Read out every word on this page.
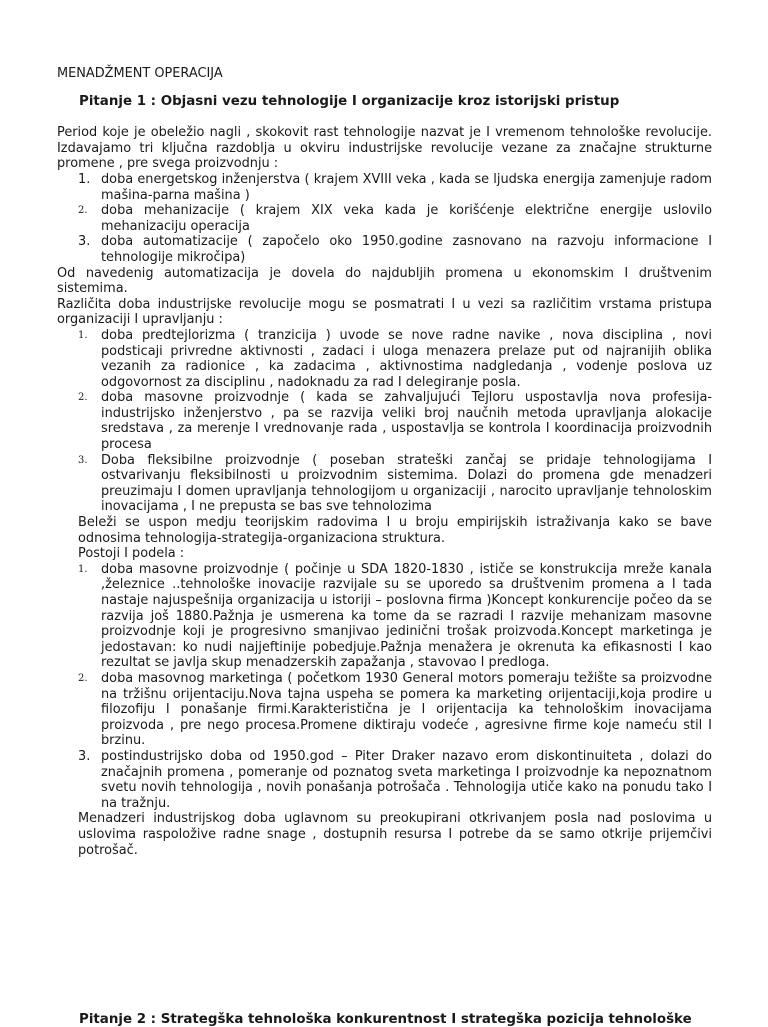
MENADŽMENT OPERACIJA

Pitanje 1 : Objasni vezu tehnologije I organizacije kroz istorijski pristup

Period koje je obeležio nagli , skokovit rast tehnologije nazvat je I vremenom tehnološke revolucije. Izdavajamo tri ključna razdoblja u okviru industrijske revolucije vezane za značajne strukturne promene , pre svega proizvodnju :

1. doba energetskog inženjerstva ( krajem XVIII veka , kada se ljudska energija zamenjuje radom mašina-parna mašina )
2. doba mehanizacije ( krajem XIX veka kada je korišćenje električne energije uslovilo mehanizaciju operacija
3. doba automatizacije ( započelo oko 1950.godine zasnovano na razvoju informacione I tehnologije mikročipa)

Od navedenig automatizacija je dovela do najdubljih promena u ekonomskim I društvenim sistemima.

Različita doba industrijske revolucije mogu se posmatrati I u vezi sa različitim vrstama pristupa organizaciji I upravljanju :

1. doba predtejlorizma ( tranzicija ) uvode se nove radne navike , nova disciplina , novi podsticaji privredne aktivnosti , zadaci i uloga menazera prelaze put od najranijih oblika vezanih za radionice , ka zadacima , aktivnostima nadgledanja , vodenje poslova uz odgovornost za disciplinu , nadoknadu za rad I delegiranje posla.
2. doba masovne proizvodnje ( kada se zahvaljujući Tejloru uspostavlja nova profesija-industrijsko inženjerstvo , pa se razvija veliki broj naučnih metoda upravljanja alokacije sredstava , za merenje I vrednovanje rada , uspostavlja se kontrola I koordinacija proizvodnih procesa
3. Doba fleksibilne proizvodnje ( poseban strateški zančaj se pridaje tehnologijama I ostvarivanju fleksibilnosti u proizvodnim sistemima. Dolazi do promena gde menadzeri preuzimaju I domen upravljanja tehnologijom u organizaciji , narocito upravljanje tehnoloskim inovacijama , I ne prepusta se bas sve tehnolozima

Beleži se uspon medju teorijskim radovima I u broju empirijskih istraživanja kako se bave odnosima tehnologija-strategija-organizaciona struktura.

Postoji I podela :

1. doba masovne proizvodnje ( počinje u SDA 1820-1830 , ističe se konstrukcija mreže kanala ,železnice ..tehnološke inovacije razvijale su se uporedo sa društvenim promena a I tada nastaje najuspešnija organizacija u istoriji – poslovna firma )Koncept konkurencije počeo da se razvija još 1880.Pažnja je usmerena ka tome da se razradi I razvije mehanizam masovne proizvodnje koji je progresivno smanjivao jedinični trošak proizvoda.Koncept marketinga je jedostavan: ko nudi najjeftinije pobedjuje.Pažnja menažera je okrenuta ka efikasnosti I kao rezultat se javlja skup menadzerskih zapažanja , stavovao I predloga.
2. doba masovnog marketinga ( početkom 1930 General motors pomeraju težište sa proizvodne na tržišnu orijentaciju.Nova tajna uspeha se pomera ka marketing orijentaciji,koja prodire u filozofiju I ponašanje firmi.Karakteristična je I orijentacija ka tehnološkim inovacijama proizvoda , pre nego procesa.Promene diktiraju vodeće , agresivne firme koje nameću stil I brzinu.
3. postindustrijsko doba od 1950.god – Piter Draker nazavo erom diskontinuiteta , dolazi do značajnih promena , pomeranje od poznatog sveta marketinga I proizvodnje ka nepoznatnom svetu novih tehnologija , novih ponašanja potrošača . Tehnologija utiče kako na ponudu tako I na tražnju.

Menadzeri industrijskog doba uglavnom su preokupirani otkrivanjem posla nad poslovima u uslovima raspoložive radne snage , dostupnih resursa I potrebe da se samo otkrije prijemčivi potrošač.

Pitanje 2 : Strategška tehnološka konkurentnost I strategška pozicija tehnološke
